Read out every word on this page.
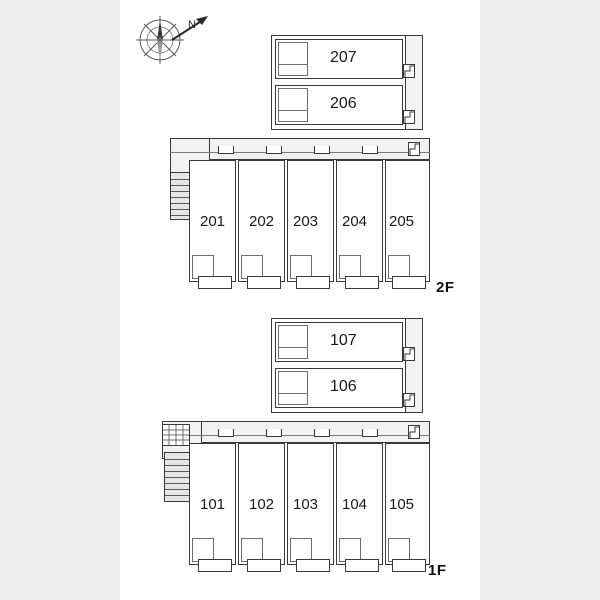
N
207
206
201 202 203 204 205
2F
107
106
101 102 103 104 105
1F
